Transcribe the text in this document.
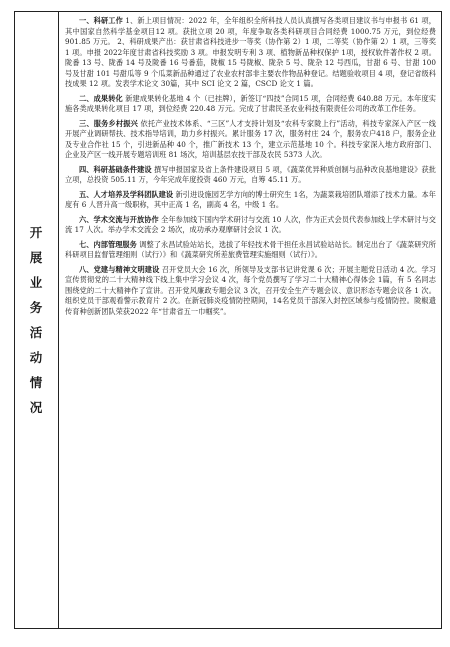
开
展
业
务
活
动
情
况

一、科研工作 1、新上项目情况：2022 年，全年组织全所科技人员认真撰写各类项目建议书与申报书 61 项，其中国家自然科学基金项目12 项。获批立项 20 项，年度争取各类科研项目合同经费 1000.75 万元，到位经费 901.85 万元。 2、科研成果产出：获甘肃省科技进步一等奖（协作第 2）1 项，二等奖（协作第 2）1 项，三等奖 1 项。申报 2022年度甘肃省科技奖励 3 项。申报发明专利 3 项、植物新品种权保护 1项，授权软件著作权 2 项。陇番 13 号、陇番 14 号及陇番 16 号番茄，陇椒 15 号陇椒、陇杂 5 号、陇杂 12 号西瓜，甘甜 6 号、甘甜 100 号及甘甜 101 号甜瓜等 9 个瓜菜新品种通过了农业农村部非主要农作物品种登记。结题验收项目 4 项，登记省级科技成果 12 项。发表学术论文 30篇，其中 SCI 论文 2 篇，CSCD 论文 1 篇。

二、成果转化 新建成果转化基地 4 个（已挂牌），新签订“四技”合同15 项，合同经费 640.88 万元。本年度实施各类成果转化项目 17 项，到位经费 220.48 万元。完成了甘肃民圣农业科技有限责任公司的改革工作任务。

三、服务乡村振兴 依托产业技术体系、“三区”人才支持计划及“农科专家陇上行”活动，科技专家深入产区一线开展产业调研帮扶、技术指导培训，助力乡村振兴。累计服务 17 次，服务村庄 24 个，服务农户418 户，服务企业及专业合作社 15 个，引进新品种 40 个，推广新技术 13 个，建立示范基地 10 个。科技专家深入地方政府部门、企业及产区一线开展专题培训班 81 场次，培训基层农技干部及农民 5373 人次。

四、科研基础条件建设 撰写申报国家及省上条件建设项目 5 项，《蔬菜优异种质创制与品种改良基地建设》获批立项，总投资 505.11 万，今年完成年度投资 460 万元，自筹 45.11 万。

五、人才培养及学科团队建设 新引进设施园艺学方向的博士研究生 1名，为蔬菜栽培团队增添了技术力量。本年度有 6 人晋升高一级职称，其中正高 1 名，副高 4 名，中级 1 名。

六、学术交流与开放协作 全年参加线下国内学术研讨与交流 10 人次，作为正式会员代表参加线上学术研讨与交流 17 人次。举办学术交流会 2 场次，成功承办观摩研讨会议 1 次。

七、内部管理服务 调整了永昌试验站站长，选拔了年轻技术骨干担任永昌试验站站长。制定出台了《蔬菜研究所科研项目监督管理细则（试行）》和《蔬菜研究所差旅费管理实施细则（试行）》。

八、党建与精神文明建设 召开党员大会 16 次，所领导及支部书记讲党课 6 次；开展主题党日活动 4 次。学习宣传贯彻党的二十大精神线下线上集中学习会议 4 次，每个党员撰写了学习二十大精神心得体会 1篇，有 5 名同志围绕党的二十大精神作了宣讲。召开党风廉政专题会议 3 次，召开安全生产专题会议、意识形态专题会议各 1 次。组织党员干部观看警示教育片 2 次。在新冠肺炎疫情防控期间，14名党员干部深入封控区域参与疫情防控。陇椒遗传育种创新团队荣获2022 年“甘肃省五一巾帼奖”。
